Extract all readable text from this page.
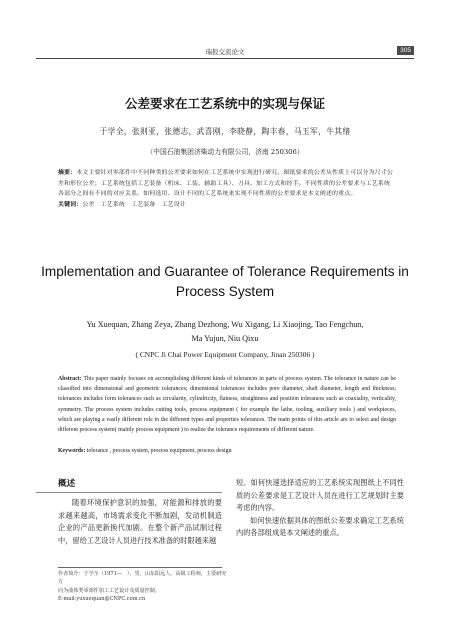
瑞报交流论文	305
公差要求在工艺系统中的实现与保证
于学全，张则亚，张德志，武喜刚，李晓静，陶丰春，马玉军，牛其绪
（中国石油集团济柴动力有限公司，济南 250306）
摘要：本文主要针对零部件中不同种类的公差要求如何在工艺系统中实现进行研究。图纸要求的公差从性质上可以分为尺寸公差和形位公差；工艺系统包括工艺装备（机床、工装、辅助工具）、刀具、加工方式和经手。不同性质的公差要求与工艺系统各部分之间有不同的对应关系。如何选用、设计不同的工艺系统来实现不同性质的公差要求是本文阐述的重点。
关键词：公差　工艺系统　工艺装备　工艺设计
Implementation and Guarantee of Tolerance Requirements in
Process System
Yu Xuequan, Zhang Zeya, Zhang Dezhong, Wu Xigang, Li Xiaojing, Tao Fengchun,
Ma Yujun, Niu Qixu
( CNPC Ji Chai Power Equipment Company, Jinan 250306 )
Abstract: This paper mainly focuses on accomplishing different kinds of tolerances in parts of process system. The tolerance in nature can be classified into dimensional and geometric tolerances; dimensional tolerances includes pore diameter, shaft diameter, length and thickness; tolerances includes form tolerances such as circularity, cylindricity, flatness, straightness and position tolerances such as coaxiality, verticality, symmetry. The process system includes cutting tools, process equipment ( for example the lathe, tooling, auxiliary tools ) and workpieces, which are playing a vastly different role in the different types and properties tolerances. The main points of this article are to select and design different process system( mainly process equipment ) to realize the tolerance requirements of different nature.
Keywords: tolerance , process system, process equipment, process design
概述

随着环境保护意识的加强，对能源和排放的要求越来越高，市场需求变化不断加剧，发动机制造企业的产品更新换代加剧。在整个新产品试制过程中，留给工艺设计人员进行技术准备的时限越来越

短。如何快速选择适应的工艺系统实现图纸上不同性质的公差要求是工艺设计人员在进行工艺规划时主要考虑的内容。

如何快速依据具体的图纸公差要求确定工艺系统内的各部组成是本文阐述的重点。

作者简介：于学全（1971—　），男，山东阳远人，高级工程师，主要研究方
向为曲体类零部件加工工艺设计及质量控制。
E-mail:yuxuequan@CNPC.com.cn
